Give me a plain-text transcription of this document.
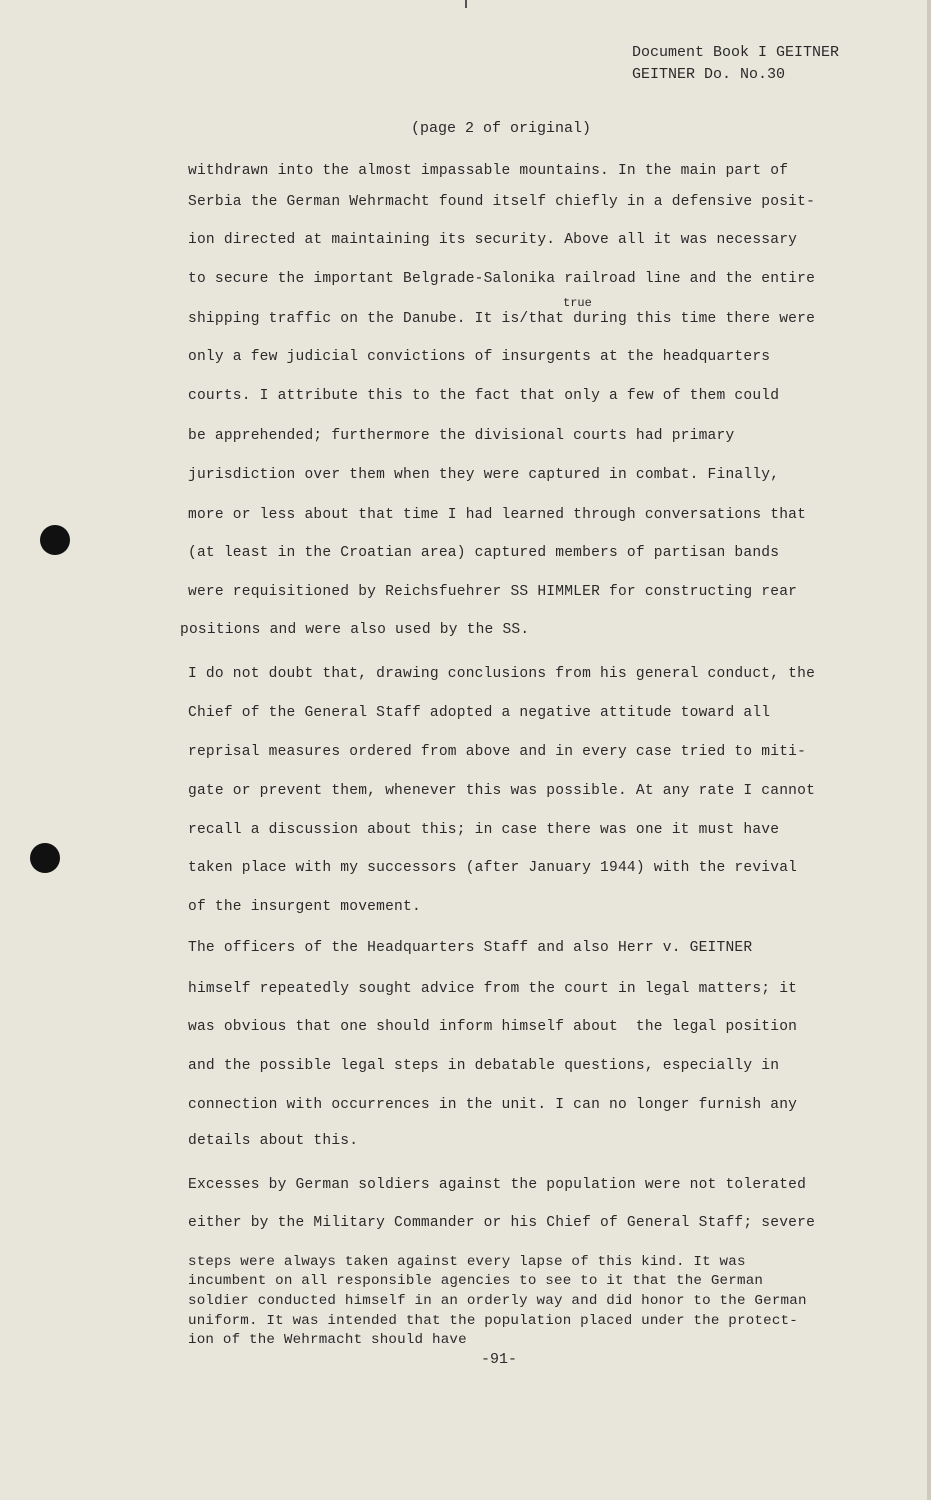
Document Book I GEITNER
GEITNER Do. No.30
(page 2 of original)
true
withdrawn into the almost impassable mountains. In the main part of
Serbia the German Wehrmacht found itself chiefly in a defensive posit-
ion directed at maintaining its security. Above all it was necessary
to secure the important Belgrade-Salonika railroad line and the entire
shipping traffic on the Danube. It is/that during this time there were
only a few judicial convictions of insurgents at the headquarters
courts. I attribute this to the fact that only a few of them could
be apprehended; furthermore the divisional courts had primary
jurisdiction over them when they were captured in combat. Finally,
more or less about that time I had learned through conversations that
(at least in the Croatian area) captured members of partisan bands
were requisitioned by Reichsfuehrer SS HIMMLER for constructing rear
positions and were also used by the SS.
I do not doubt that, drawing conclusions from his general conduct, the
Chief of the General Staff adopted a negative attitude toward all
reprisal measures ordered from above and in every case tried to miti-
gate or prevent them, whenever this was possible. At any rate I cannot
recall a discussion about this; in case there was one it must have
taken place with my successors (after January 1944) with the revival
of the insurgent movement.
The officers of the Headquarters Staff and also Herr v. GEITNER
himself repeatedly sought advice from the court in legal matters; it
was obvious that one should inform himself about  the legal position
and the possible legal steps in debatable questions, especially in
connection with occurrences in the unit. I can no longer furnish any
details about this.
Excesses by German soldiers against the population were not tolerated
either by the Military Commander or his Chief of General Staff; severe
steps were always taken against every lapse of this kind. It was
incumbent on all responsible agencies to see to it that the German
soldier conducted himself in an orderly way and did honor to the German
uniform. It was intended that the population placed under the protect-
ion of the Wehrmacht should have
-91-
